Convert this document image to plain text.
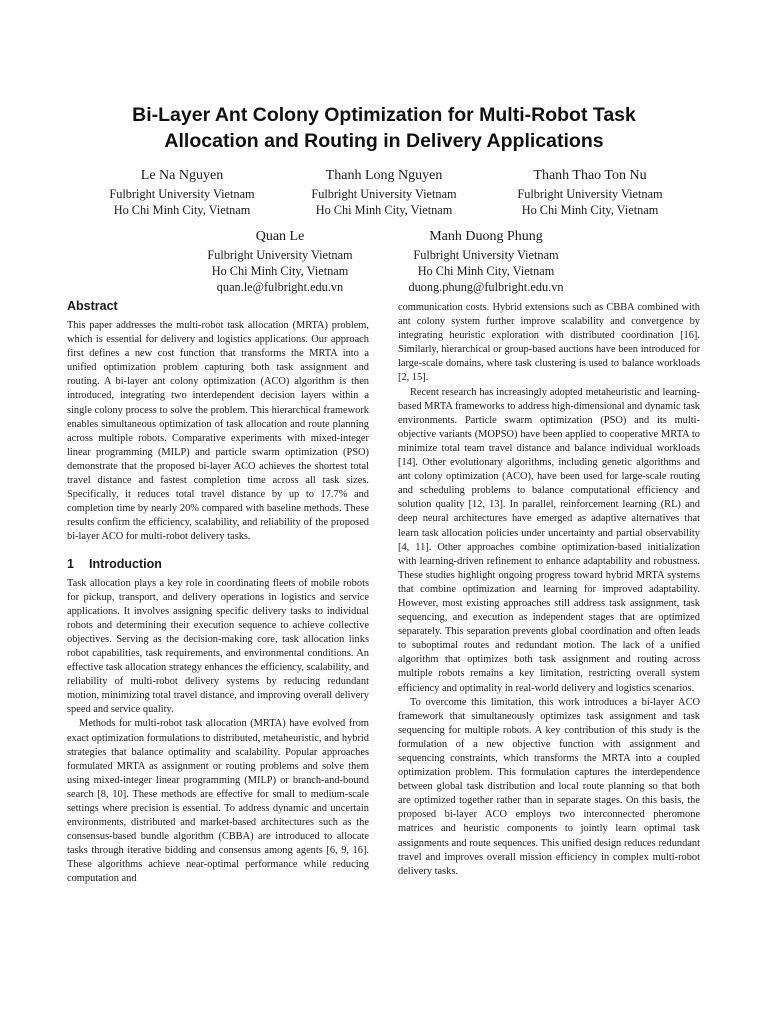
Bi-Layer Ant Colony Optimization for Multi-Robot Task
Allocation and Routing in Delivery Applications
Le Na Nguyen
Fulbright University Vietnam
Ho Chi Minh City, Vietnam
Thanh Long Nguyen
Fulbright University Vietnam
Ho Chi Minh City, Vietnam
Thanh Thao Ton Nu
Fulbright University Vietnam
Ho Chi Minh City, Vietnam
Quan Le
Fulbright University Vietnam
Ho Chi Minh City, Vietnam
quan.le@fulbright.edu.vn
Manh Duong Phung
Fulbright University Vietnam
Ho Chi Minh City, Vietnam
duong.phung@fulbright.edu.vn
Abstract

This paper addresses the multi-robot task allocation (MRTA) problem, which is essential for delivery and logistics applications. Our approach first defines a new cost function that transforms the MRTA into a unified optimization problem capturing both task assignment and routing. A bi-layer ant colony optimization (ACO) algorithm is then introduced, integrating two interdependent decision layers within a single colony process to solve the problem. This hierarchical framework enables simultaneous optimization of task allocation and route planning across multiple robots. Comparative experiments with mixed-integer linear programming (MILP) and particle swarm optimization (PSO) demonstrate that the proposed bi-layer ACO achieves the shortest total travel distance and fastest completion time across all task sizes. Specifically, it reduces total travel distance by up to 17.7% and completion time by nearly 20% compared with baseline methods. These results confirm the efficiency, scalability, and reliability of the proposed bi-layer ACO for multi-robot delivery tasks.

1 Introduction

Task allocation plays a key role in coordinating fleets of mobile robots for pickup, transport, and delivery operations in logistics and service applications. It involves assigning specific delivery tasks to individual robots and determining their execution sequence to achieve collective objectives. Serving as the decision-making core, task allocation links robot capabilities, task requirements, and environmental conditions. An effective task allocation strategy enhances the efficiency, scalability, and reliability of multi-robot delivery systems by reducing redundant motion, minimizing total travel distance, and improving overall delivery speed and service quality.

Methods for multi-robot task allocation (MRTA) have evolved from exact optimization formulations to distributed, metaheuristic, and hybrid strategies that balance optimality and scalability. Popular approaches formulated MRTA as assignment or routing problems and solve them using mixed-integer linear programming (MILP) or branch-and-bound search [8, 10]. These methods are effective for small to medium-scale settings where precision is essential. To address dynamic and uncertain environments, distributed and market-based architectures such as the consensus-based bundle algorithm (CBBA) are introduced to allocate tasks through iterative bidding and consensus among agents [6, 9, 16]. These algorithms achieve near-optimal performance while reducing computation and

communication costs. Hybrid extensions such as CBBA combined with ant colony system further improve scalability and convergence by integrating heuristic exploration with distributed coordination [16]. Similarly, hierarchical or group-based auctions have been introduced for large-scale domains, where task clustering is used to balance workloads [2, 15].

Recent research has increasingly adopted metaheuristic and learning-based MRTA frameworks to address high-dimensional and dynamic task environments. Particle swarm optimization (PSO) and its multi-objective variants (MOPSO) have been applied to cooperative MRTA to minimize total team travel distance and balance individual workloads [14]. Other evolutionary algorithms, including genetic algorithms and ant colony optimization (ACO), have been used for large-scale routing and scheduling problems to balance computational efficiency and solution quality [12, 13]. In parallel, reinforcement learning (RL) and deep neural architectures have emerged as adaptive alternatives that learn task allocation policies under uncertainty and partial observability [4, 11]. Other approaches combine optimization-based initialization with learning-driven refinement to enhance adaptability and robustness. These studies highlight ongoing progress toward hybrid MRTA systems that combine optimization and learning for improved adaptability. However, most existing approaches still address task assignment, task sequencing, and execution as independent stages that are optimized separately. This separation prevents global coordination and often leads to suboptimal routes and redundant motion. The lack of a unified algorithm that optimizes both task assignment and routing across multiple robots remains a key limitation, restricting overall system efficiency and optimality in real-world delivery and logistics scenarios.

To overcome this limitation, this work introduces a bi-layer ACO framework that simultaneously optimizes task assignment and task sequencing for multiple robots. A key contribution of this study is the formulation of a new objective function with assignment and sequencing constraints, which transforms the MRTA into a coupled optimization problem. This formulation captures the interdependence between global task distribution and local route planning so that both are optimized together rather than in separate stages. On this basis, the proposed bi-layer ACO employs two interconnected pheromone matrices and heuristic components to jointly learn optimal task assignments and route sequences. This unified design reduces redundant travel and improves overall mission efficiency in complex multi-robot delivery tasks.
